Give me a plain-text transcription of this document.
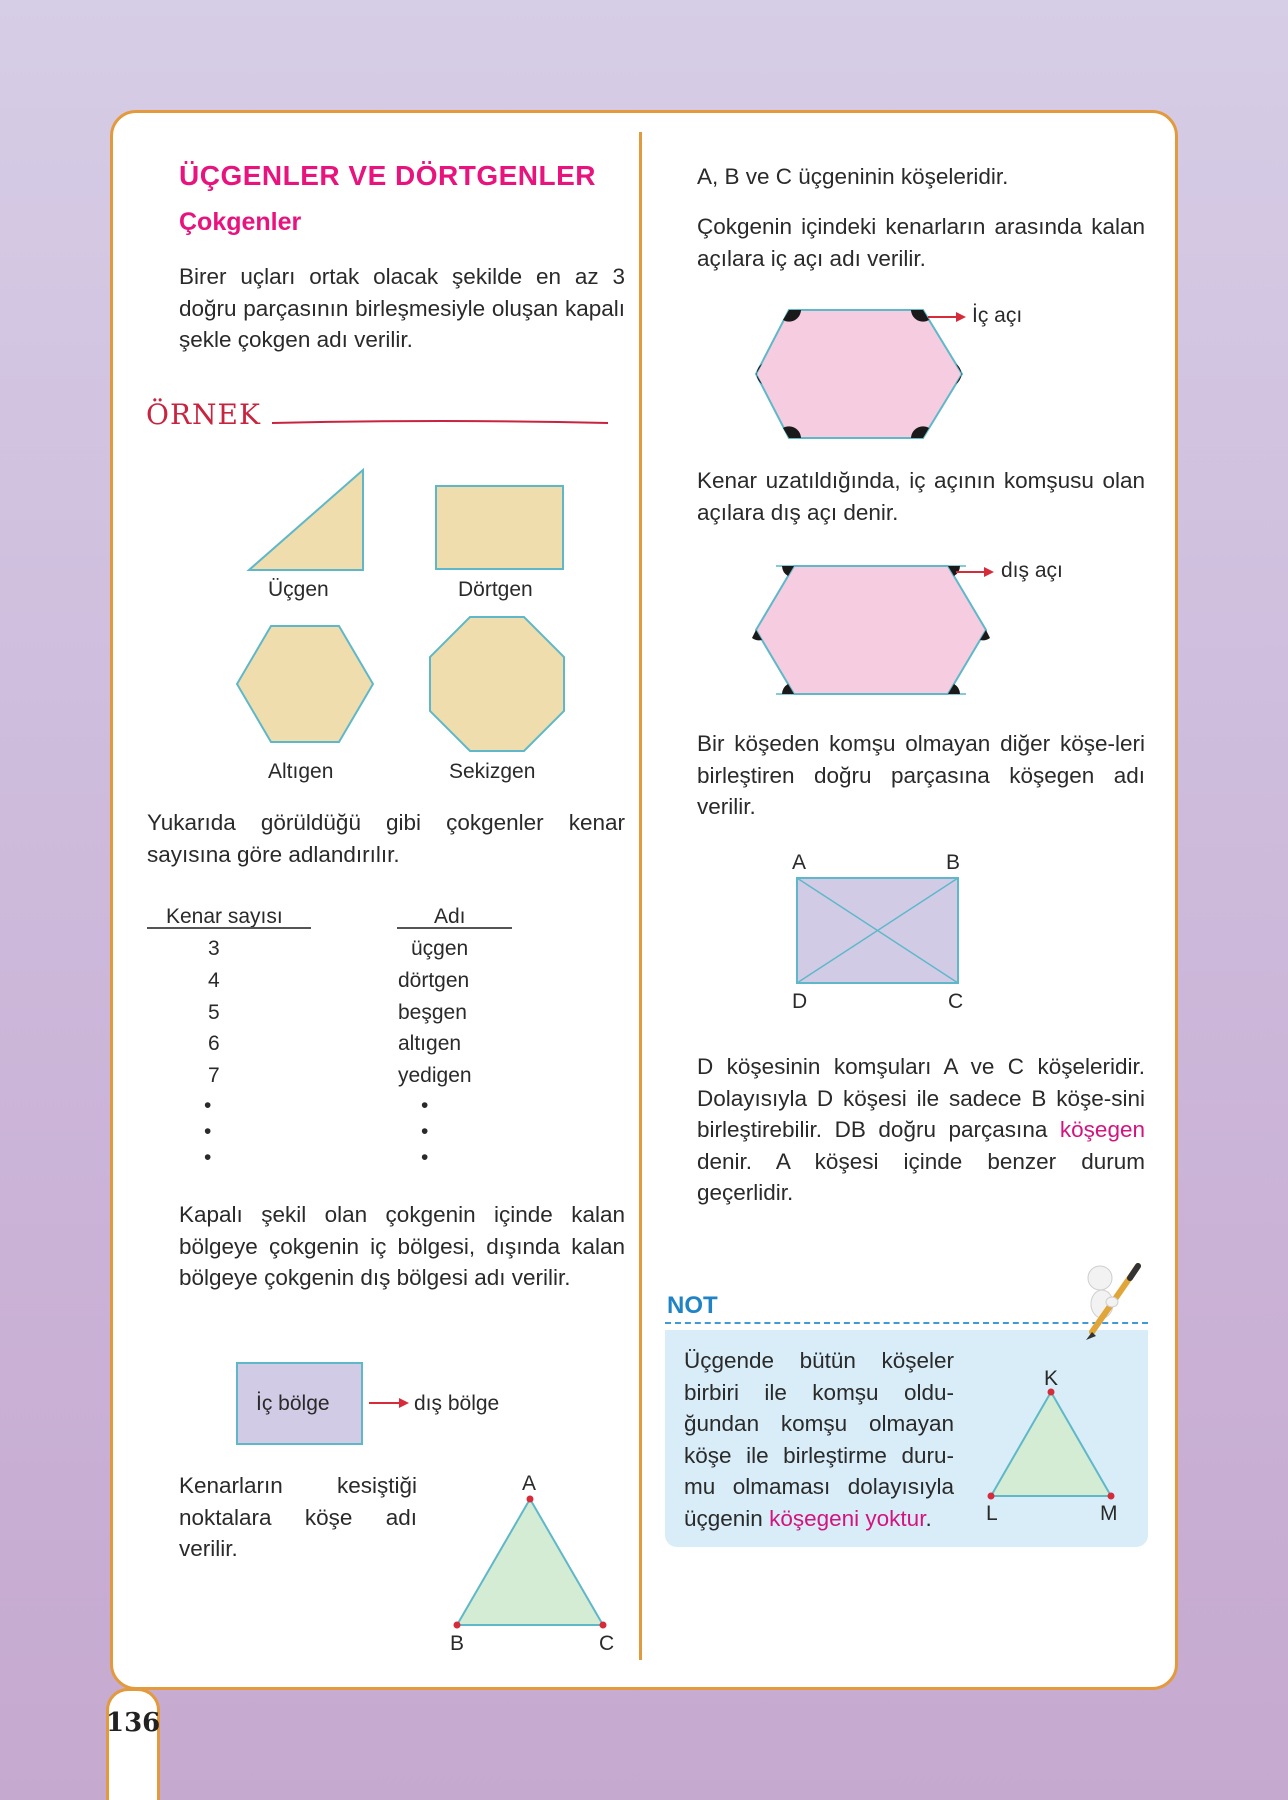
ÜÇGENLER VE DÖRTGENLER
Çokgenler
Birer uçları ortak olacak şekilde en az 3 doğru parçasının birleşmesiyle oluşan kapalı şekle çokgen adı verilir.
ÖRNEK
Üçgen	Dörtgen
Altıgen	Sekizgen
Yukarıda görüldüğü gibi çokgenler kenar sayısına göre adlandırılır.
Kenar sayısı	Adı
3	üçgen
4	dörtgen
5	beşgen
6	altıgen
7	yedigen
•
•
•
•
•
•
Kapalı şekil olan çokgenin içinde kalan bölgeye çokgenin iç bölgesi, dışında kalan bölgeye çokgenin dış bölgesi adı verilir.
İç bölge	dış bölge
Kenarların kesiştiği noktalara köşe adı verilir.
A
B	C
A, B ve C üçgeninin köşeleridir.
Çokgenin içindeki kenarların arasında kalan açılara iç açı adı verilir.
İç açı
Kenar uzatıldığında, iç açının komşusu olan açılara dış açı denir.
dış açı
Bir köşeden komşu olmayan diğer köşe-leri birleştiren doğru parçasına köşegen adı verilir.
A	B
D	C
D köşesinin komşuları A ve C köşeleridir. Dolayısıyla D köşesi ile sadece B köşe-sini birleştirebilir. DB doğru parçasına köşegen denir. A köşesi içinde benzer durum geçerlidir.
NOT
Üçgende bütün köşeler birbiri ile komşu oldu-ğundan komşu olmayan köşe ile birleştirme duru-mu olmaması dolayısıyla üçgenin köşegeni yoktur.
K
L	M
136
